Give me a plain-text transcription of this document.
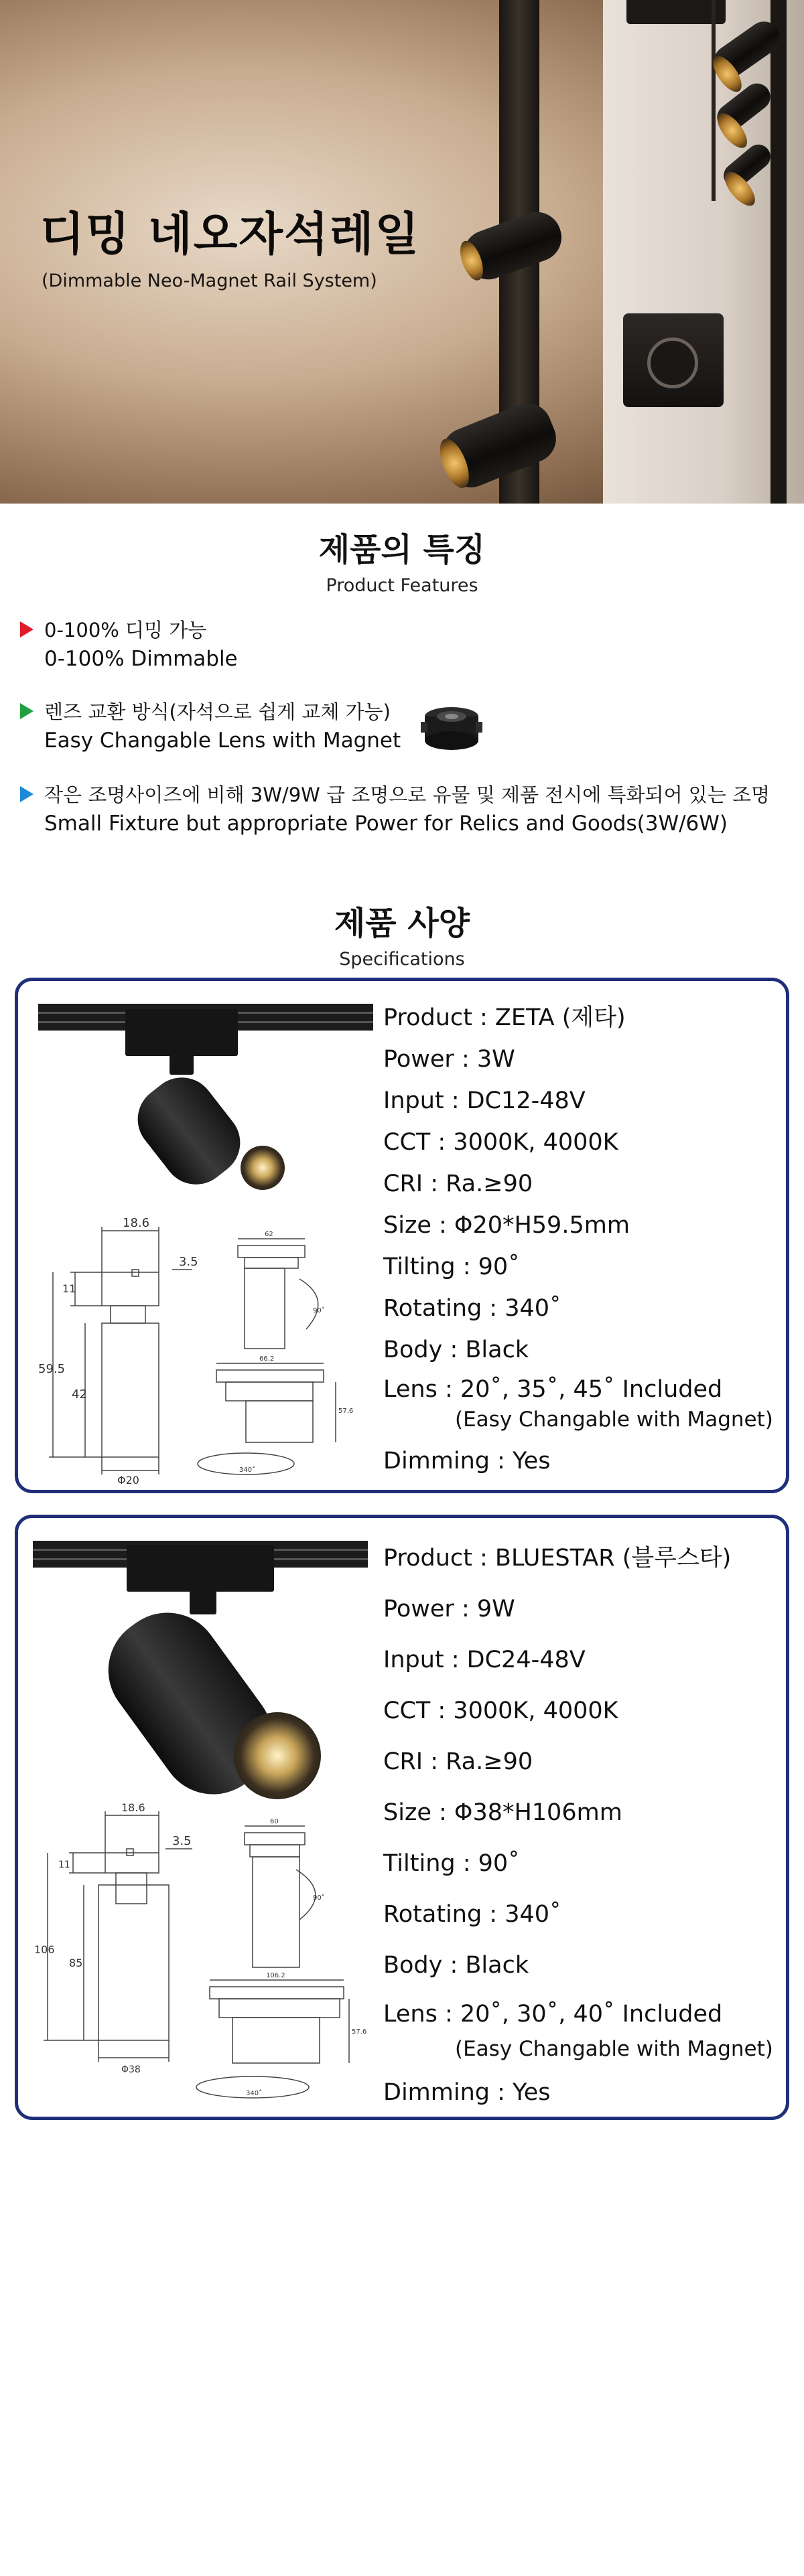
디밍 네오자석레일
(Dimmable Neo-Magnet Rail System)
제품의 특징
Product Features
0-100% 디밍 가능
0-100% Dimmable
렌즈 교환 방식(자석으로 쉽게 교체 가능)
Easy Changable Lens with Magnet
작은 조명사이즈에 비해 3W/9W 급 조명으로 유물 및 제품 전시에 특화되어 있는 조명
Small Fixture but appropriate Power for Relics and Goods(3W/6W)
제품 사양
Specifications
18.6
3.5
11
59.5
42
Φ20
62
90˚
66.2
57.6
340˚
Product : ZETA (제타)
Power : 3W
Input : DC12-48V
CCT : 3000K, 4000K
CRI : Ra.≥90
Size : Φ20*H59.5mm
Tilting : 90˚
Rotating : 340˚
Body : Black
Lens : 20˚, 35˚, 45˚ Included
(Easy Changable with Magnet)
Dimming : Yes
18.6
3.5
11
106
85
Φ38
60
90˚
106.2
57.6
340˚
Product : BLUESTAR (블루스타)
Power : 9W
Input : DC24-48V
CCT : 3000K, 4000K
CRI : Ra.≥90
Size : Φ38*H106mm
Tilting : 90˚
Rotating : 340˚
Body : Black
Lens : 20˚, 30˚, 40˚ Included
(Easy Changable with Magnet)
Dimming : Yes
